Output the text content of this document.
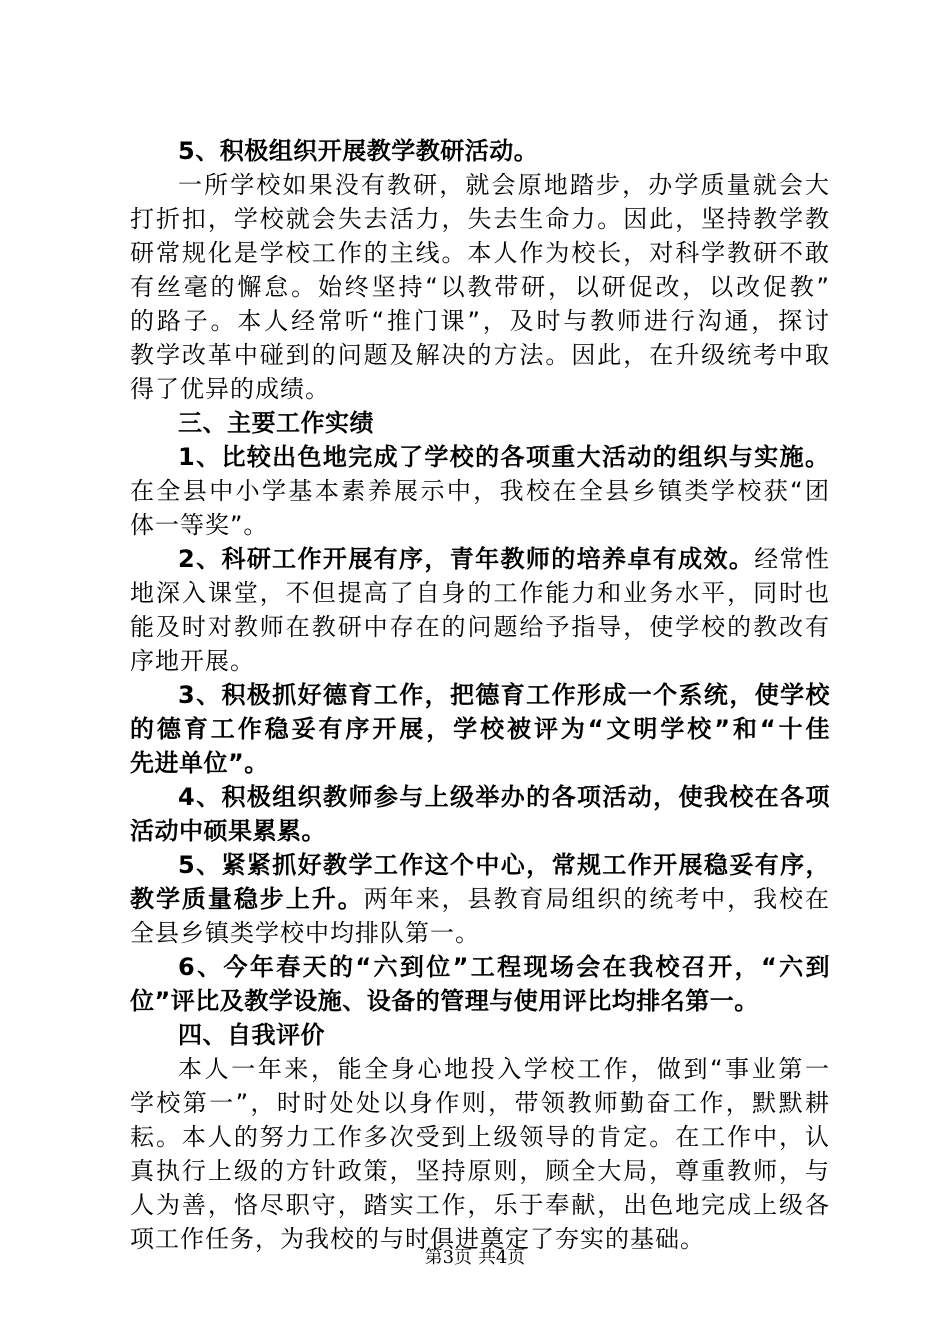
5、积极组织开展教学教研活动。
一所学校如果没有教研，就会原地踏步，办学质量就会大
打折扣，学校就会失去活力，失去生命力。因此，坚持教学教
研常规化是学校工作的主线。本人作为校长，对科学教研不敢
有丝毫的懈怠。始终坚持“以教带研，以研促改，以改促教”
的路子。本人经常听“推门课”，及时与教师进行沟通，探讨
教学改革中碰到的问题及解决的方法。因此，在升级统考中取
得了优异的成绩。
三、主要工作实绩
1、比较出色地完成了学校的各项重大活动的组织与实施。
在全县中小学基本素养展示中，我校在全县乡镇类学校获“团
体一等奖”。
2、科研工作开展有序，青年教师的培养卓有成效。经常性
地深入课堂，不但提高了自身的工作能力和业务水平，同时也
能及时对教师在教研中存在的问题给予指导，使学校的教改有
序地开展。
3、积极抓好德育工作，把德育工作形成一个系统，使学校
的德育工作稳妥有序开展，学校被评为“文明学校”和“十佳
先进单位”。
4、积极组织教师参与上级举办的各项活动，使我校在各项
活动中硕果累累。
5、紧紧抓好教学工作这个中心，常规工作开展稳妥有序，
教学质量稳步上升。两年来，县教育局组织的统考中，我校在
全县乡镇类学校中均排队第一。
6、今年春天的“六到位”工程现场会在我校召开，“六到
位”评比及教学设施、设备的管理与使用评比均排名第一。
四、自我评价
本人一年来，能全身心地投入学校工作，做到“事业第一
学校第一”，时时处处以身作则，带领教师勤奋工作，默默耕
耘。本人的努力工作多次受到上级领导的肯定。在工作中，认
真执行上级的方针政策，坚持原则，顾全大局，尊重教师，与
第3页 共4页
人为善，恪尽职守，踏实工作，乐于奉献，出色地完成上级各
项工作任务，为我校的与时俱进奠定了夯实的基础。
